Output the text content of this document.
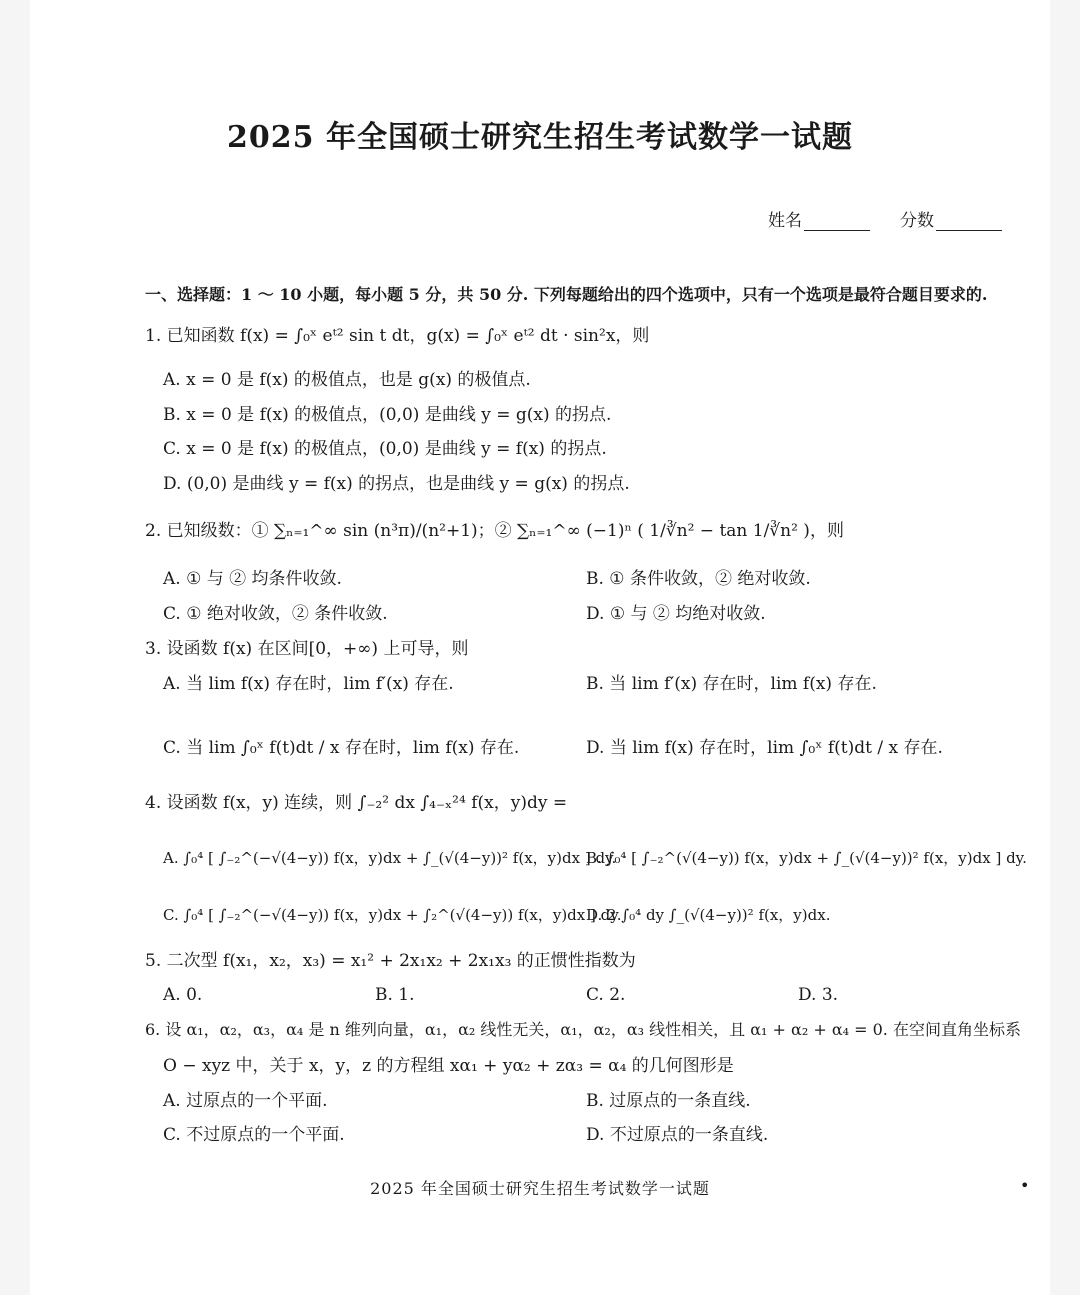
2025 年全国硕士研究生招生考试数学一试题
姓名	分数
一、选择题：1 ～ 10 小题，每小题 5 分，共 50 分. 下列每题给出的四个选项中，只有一个选项是最符合题目要求的.
1. 已知函数 f(x) = ∫₀ˣ eᵗ² sin t dt，g(x) = ∫₀ˣ eᵗ² dt · sin²x，则
A. x = 0 是 f(x) 的极值点，也是 g(x) 的极值点.
B. x = 0 是 f(x) 的极值点，(0,0) 是曲线 y = g(x) 的拐点.
C. x = 0 是 f(x) 的极值点，(0,0) 是曲线 y = f(x) 的拐点.
D. (0,0) 是曲线 y = f(x) 的拐点，也是曲线 y = g(x) 的拐点.
2. 已知级数：① ∑ₙ₌₁^∞ sin (n³π)/(n²+1)；② ∑ₙ₌₁^∞ (−1)ⁿ ( 1/∛n² − tan 1/∛n² )，则
A. ① 与 ② 均条件收敛.	B. ① 条件收敛，② 绝对收敛.
C. ① 绝对收敛，② 条件收敛.	D. ① 与 ② 均绝对收敛.
3. 设函数 f(x) 在区间[0，+∞) 上可导，则
A. 当 lim f(x) 存在时，lim f′(x) 存在.	B. 当 lim f′(x) 存在时，lim f(x) 存在.
C. 当 lim ∫₀ˣ f(t)dt / x 存在时，lim f(x) 存在.	D. 当 lim f(x) 存在时，lim ∫₀ˣ f(t)dt / x 存在.
4. 设函数 f(x，y) 连续，则 ∫₋₂² dx ∫₄₋ₓ²⁴ f(x，y)dy =
A. ∫₀⁴ [ ∫₋₂^(−√(4−y)) f(x，y)dx + ∫_(√(4−y))² f(x，y)dx ] dy.
B. ∫₀⁴ [ ∫₋₂^(√(4−y)) f(x，y)dx + ∫_(√(4−y))² f(x，y)dx ] dy.
C. ∫₀⁴ [ ∫₋₂^(−√(4−y)) f(x，y)dx + ∫₂^(√(4−y)) f(x，y)dx ] dy.
D. 2 ∫₀⁴ dy ∫_(√(4−y))² f(x，y)dx.
5. 二次型 f(x₁，x₂，x₃) = x₁² + 2x₁x₂ + 2x₁x₃ 的正惯性指数为
A. 0.	B. 1.	C. 2.	D. 3.
6. 设 α₁，α₂，α₃，α₄ 是 n 维列向量，α₁，α₂ 线性无关，α₁，α₂，α₃ 线性相关，且 α₁ + α₂ + α₄ = 0. 在空间直角坐标系
O − xyz 中，关于 x，y，z 的方程组 xα₁ + yα₂ + zα₃ = α₄ 的几何图形是
A. 过原点的一个平面.	B. 过原点的一条直线.
C. 不过原点的一个平面.	D. 不过原点的一条直线.
2025 年全国硕士研究生招生考试数学一试题	•
